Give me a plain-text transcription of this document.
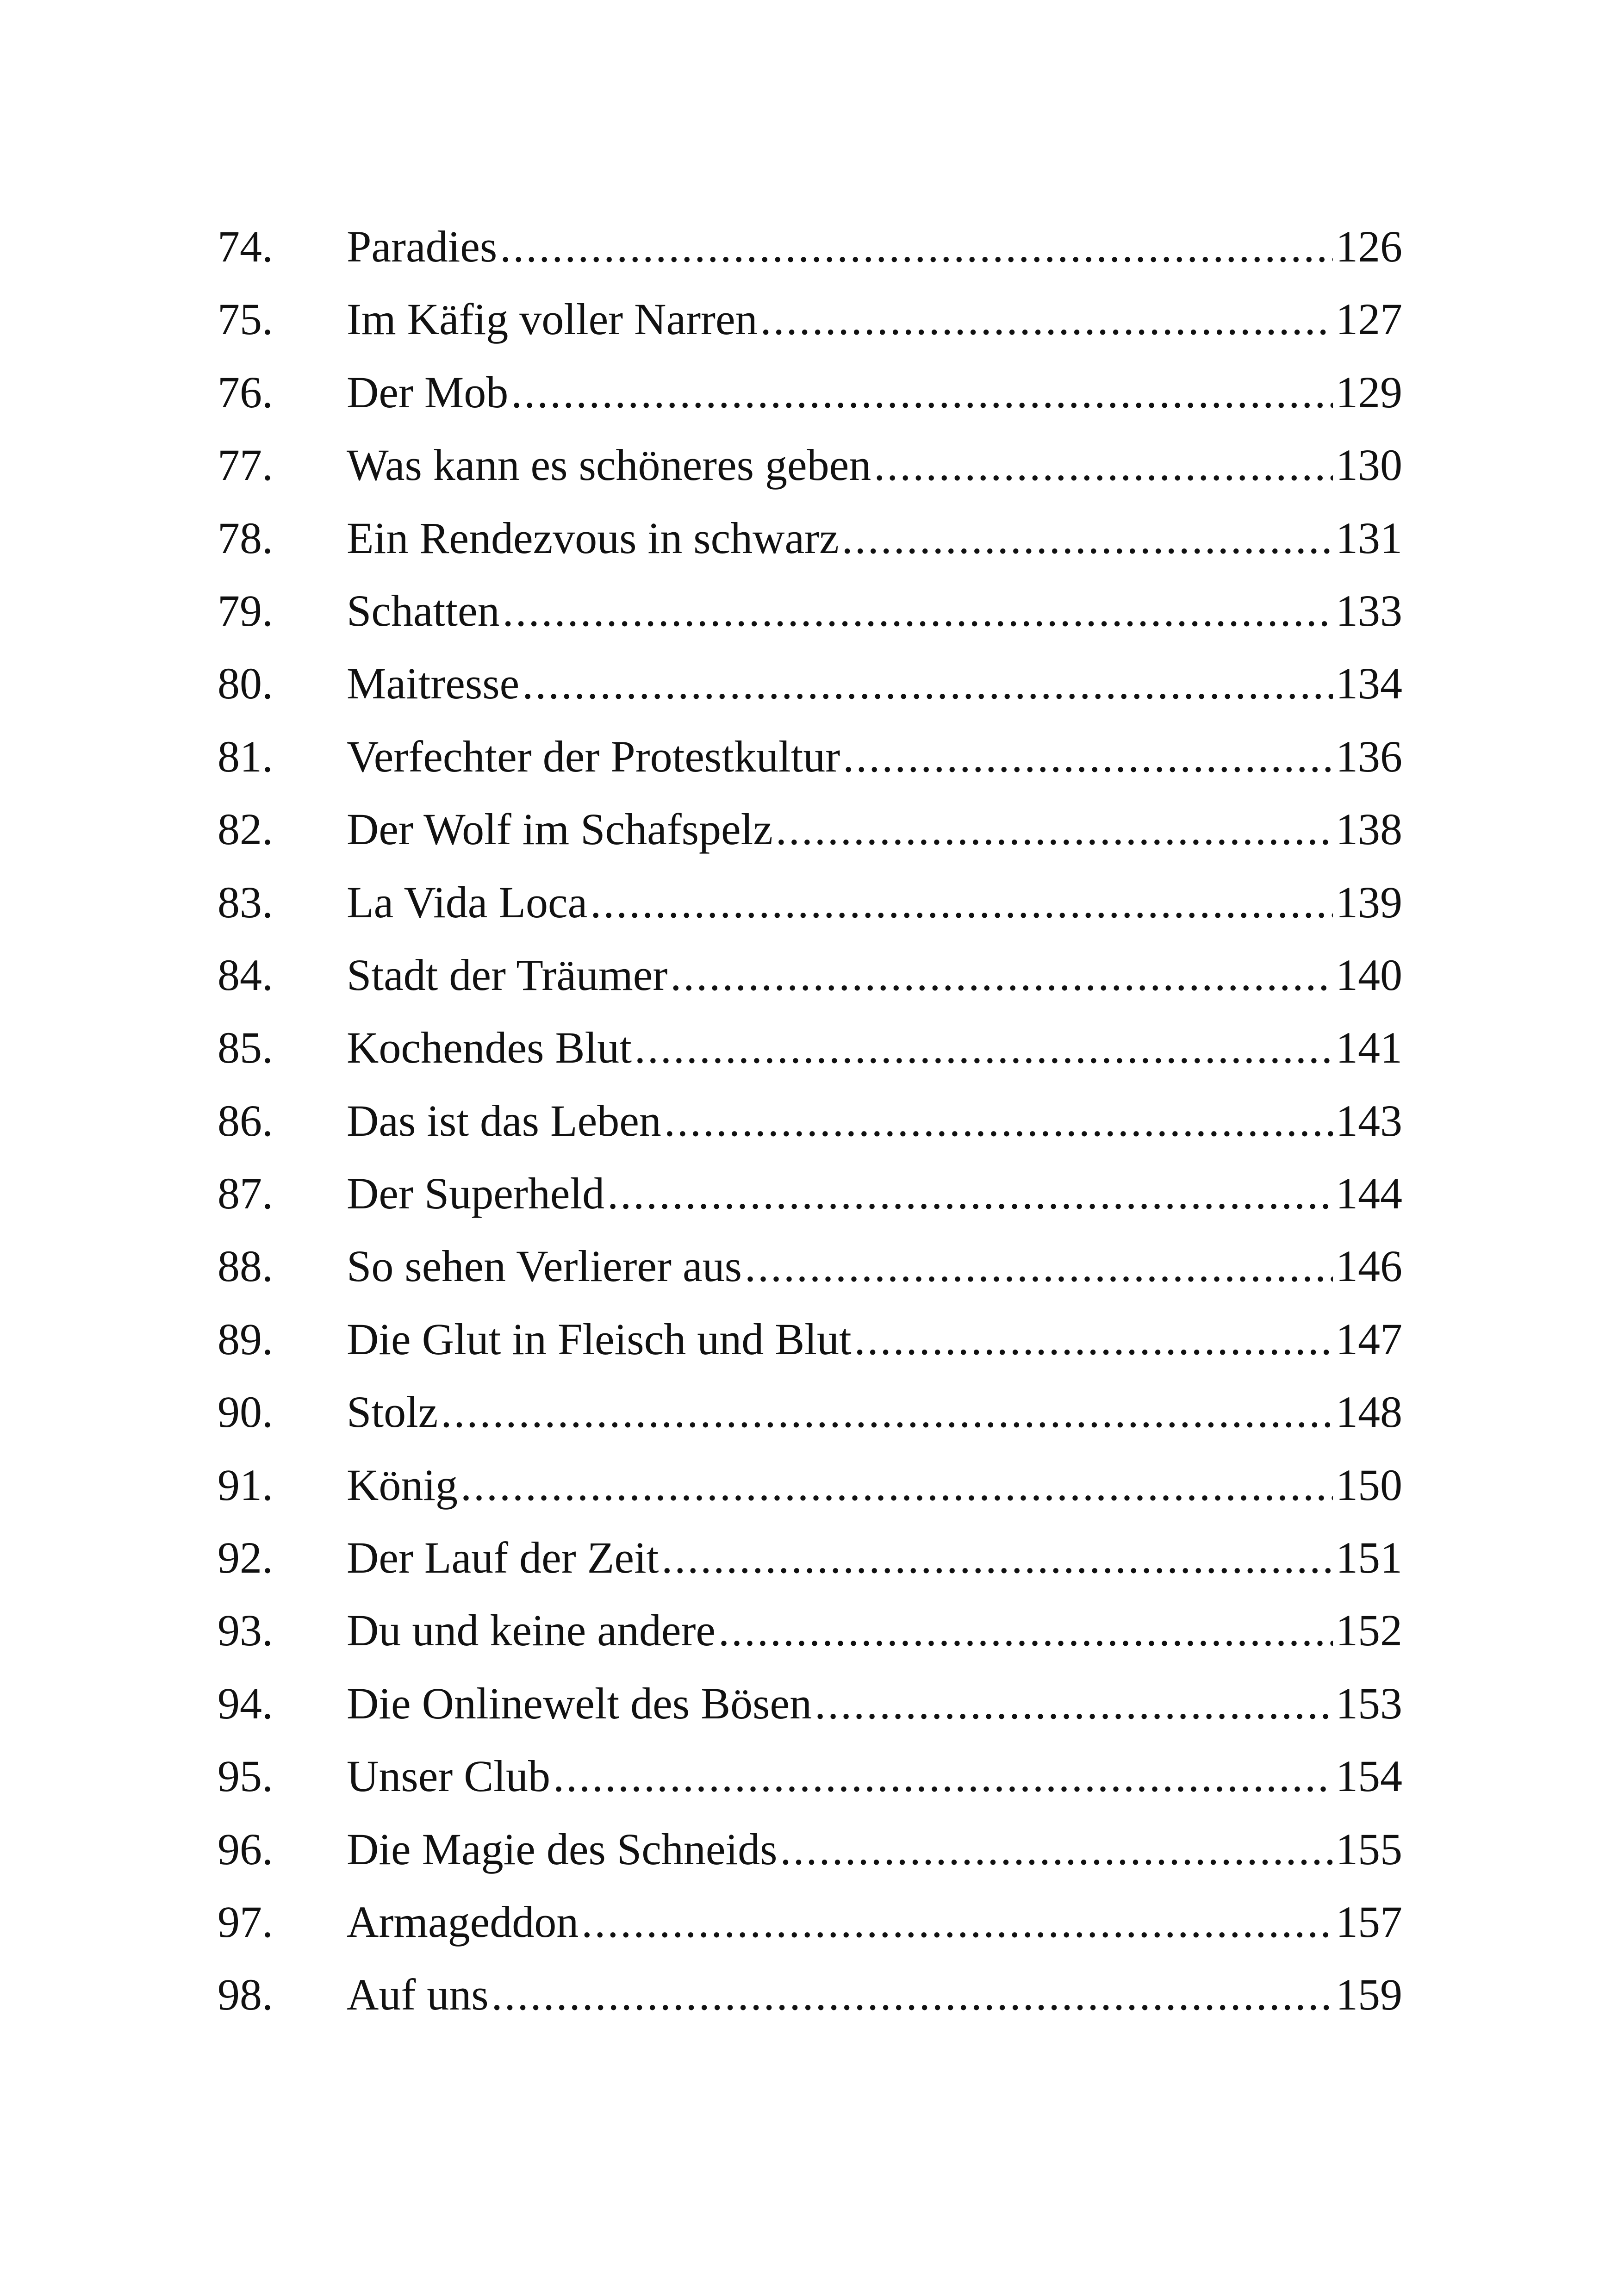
74.	Paradies .....	126
75.	Im Käfig voller Narren .....	127
76.	Der Mob .....	129
77.	Was kann es schöneres geben .....	130
78.	Ein Rendezvous in schwarz .....	131
79.	Schatten .....	133
80.	Maitresse .....	134
81.	Verfechter der Protestkultur .....	136
82.	Der Wolf im Schafspelz .....	138
83.	La Vida Loca .....	139
84.	Stadt der Träumer .....	140
85.	Kochendes Blut .....	141
86.	Das ist das Leben .....	143
87.	Der Superheld .....	144
88.	So sehen Verlierer aus .....	146
89.	Die Glut in Fleisch und Blut .....	147
90.	Stolz .....	148
91.	König .....	150
92.	Der Lauf der Zeit .....	151
93.	Du und keine andere .....	152
94.	Die Onlinewelt des Bösen .....	153
95.	Unser Club .....	154
96.	Die Magie des Schneids .....	155
97.	Armageddon .....	157
98.	Auf uns .....	159
